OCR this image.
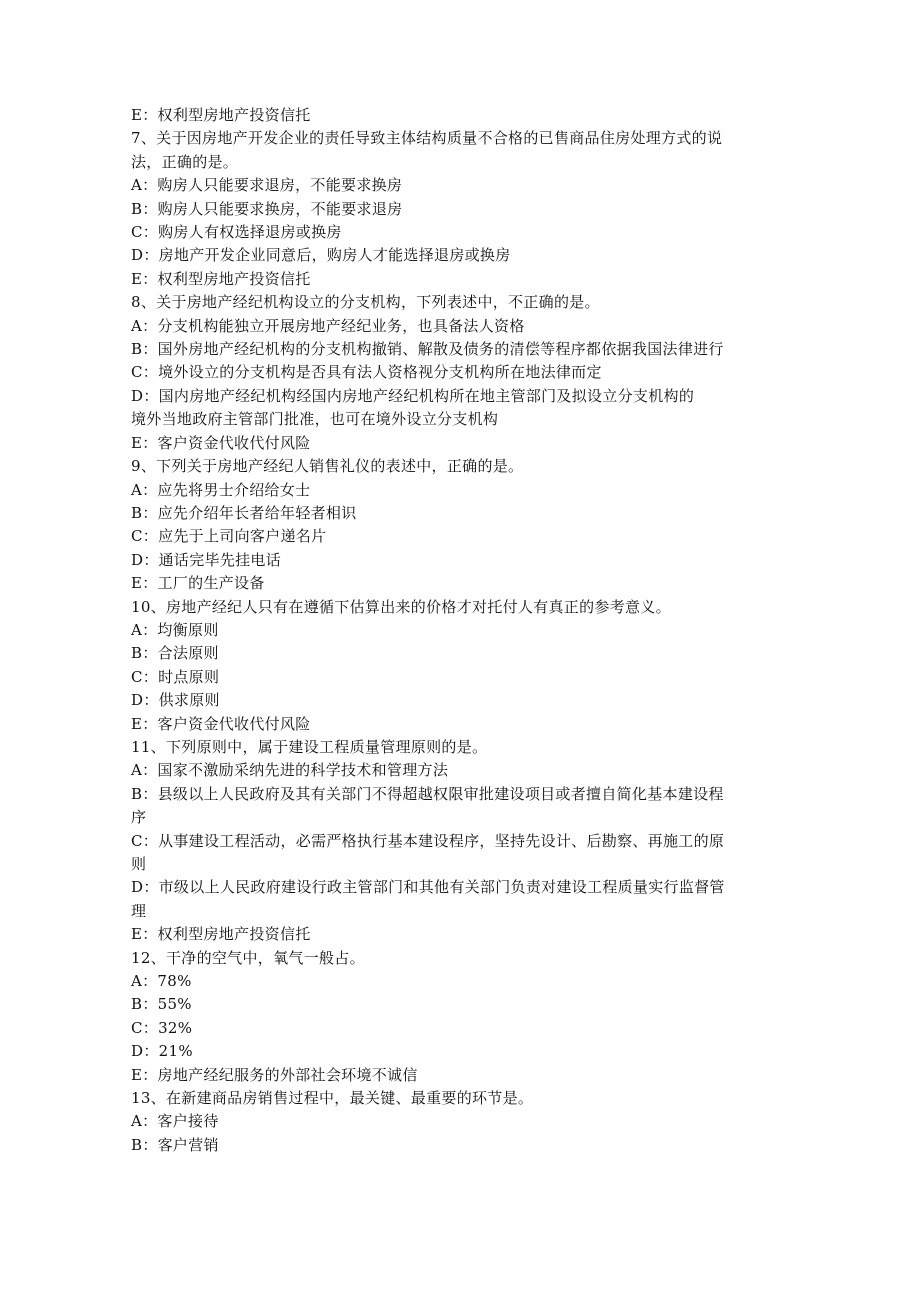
E：权利型房地产投资信托
7、关于因房地产开发企业的责任导致主体结构质量不合格的已售商品住房处理方式的说
法，正确的是。
A：购房人只能要求退房，不能要求换房
B：购房人只能要求换房，不能要求退房
C：购房人有权选择退房或换房
D：房地产开发企业同意后，购房人才能选择退房或换房
E：权利型房地产投资信托
8、关于房地产经纪机构设立的分支机构，下列表述中，不正确的是。
A：分支机构能独立开展房地产经纪业务，也具备法人资格
B：国外房地产经纪机构的分支机构撤销、解散及债务的清偿等程序都依据我国法律进行
C：境外设立的分支机构是否具有法人资格视分支机构所在地法律而定
D：国内房地产经纪机构经国内房地产经纪机构所在地主管部门及拟设立分支机构的
境外当地政府主管部门批准，也可在境外设立分支机构
E：客户资金代收代付风险
9、下列关于房地产经纪人销售礼仪的表述中，正确的是。
A：应先将男士介绍给女士
B：应先介绍年长者给年轻者相识
C：应先于上司向客户递名片
D：通话完毕先挂电话
E：工厂的生产设备
10、房地产经纪人只有在遵循下估算出来的价格才对托付人有真正的参考意义。
A：均衡原则
B：合法原则
C：时点原则
D：供求原则
E：客户资金代收代付风险
11、下列原则中，属于建设工程质量管理原则的是。
A：国家不激励采纳先进的科学技术和管理方法
B：县级以上人民政府及其有关部门不得超越权限审批建设项目或者擅自简化基本建设程
序
C：从事建设工程活动，必需严格执行基本建设程序，坚持先设计、后勘察、再施工的原
则
D：市级以上人民政府建设行政主管部门和其他有关部门负责对建设工程质量实行监督管
理
E：权利型房地产投资信托
12、干净的空气中，氧气一般占。
A：78%
B：55%
C：32%
D：21%
E：房地产经纪服务的外部社会环境不诚信
13、在新建商品房销售过程中，最关键、最重要的环节是。
A：客户接待
B：客户营销
